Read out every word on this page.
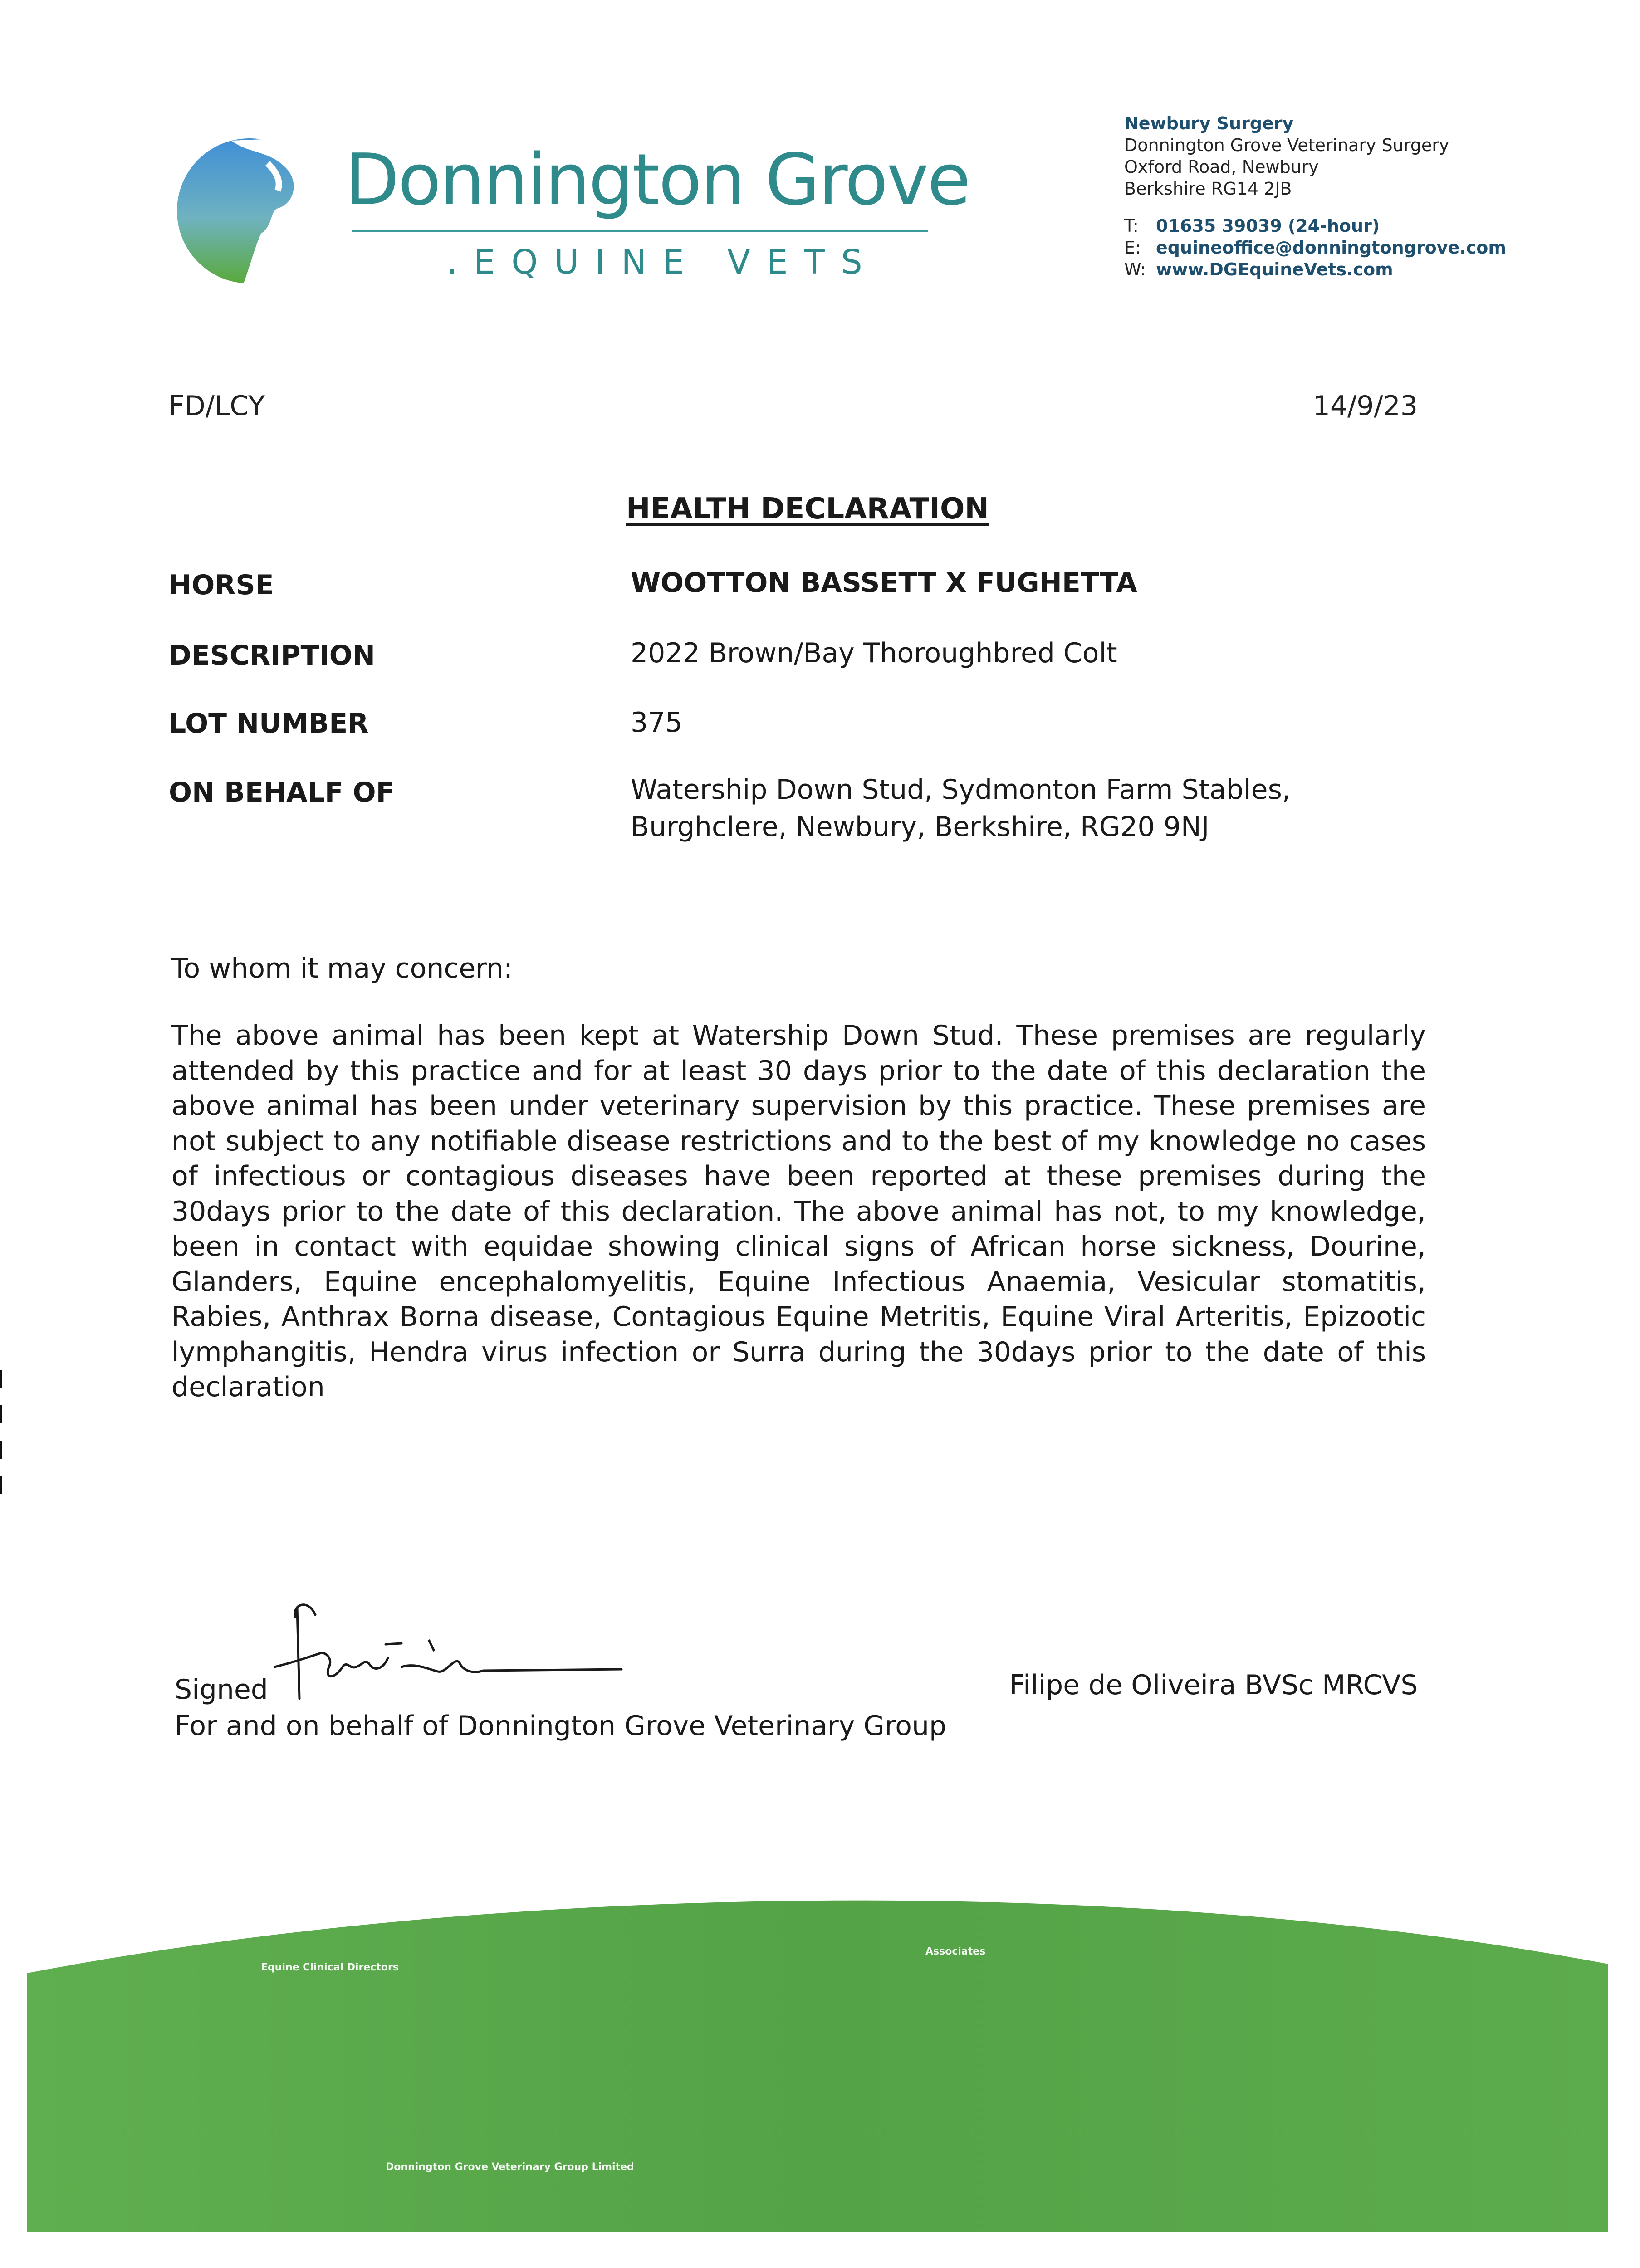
Donnington Grove
.EQUINE VETS
Newbury Surgery
Donnington Grove Veterinary Surgery
Oxford Road, Newbury
Berkshire RG14 2JB
T: 01635 39039 (24-hour)
E: equineoffice@donningtongrove.com
W: www.DGEquineVets.com
FD/LCY	14/9/23
HEALTH DECLARATION
HORSE	WOOTTON BASSETT X FUGHETTA
DESCRIPTION	2022 Brown/Bay Thoroughbred Colt
LOT NUMBER	375
ON BEHALF OF	Watership Down Stud, Sydmonton Farm Stables,
Burghclere, Newbury, Berkshire, RG20 9NJ
To whom it may concern:
The above animal has been kept at Watership Down Stud. These premises are regularly attended by this practice and for at least 30 days prior to the date of this declaration the above animal has been under veterinary supervision by this practice. These premises are not subject to any notifiable disease restrictions and to the best of my knowledge no cases of infectious or contagious diseases have been reported at these premises during the 30days prior to the date of this declaration. The above animal has not, to my knowledge, been in contact with equidae showing clinical signs of African horse sickness, Dourine, Glanders, Equine encephalomyelitis, Equine Infectious Anaemia, Vesicular stomatitis, Rabies, Anthrax Borna disease, Contagious Equine Metritis, Equine Viral Arteritis, Epizootic lymphangitis, Hendra virus infection or Surra during the 30days prior to the date of this declaration
Signed
For and on behalf of Donnington Grove Veterinary Group
Filipe de Oliveira BVSc MRCVS
Equine Clinical Directors
Associates
Donnington Grove Veterinary Group Limited
